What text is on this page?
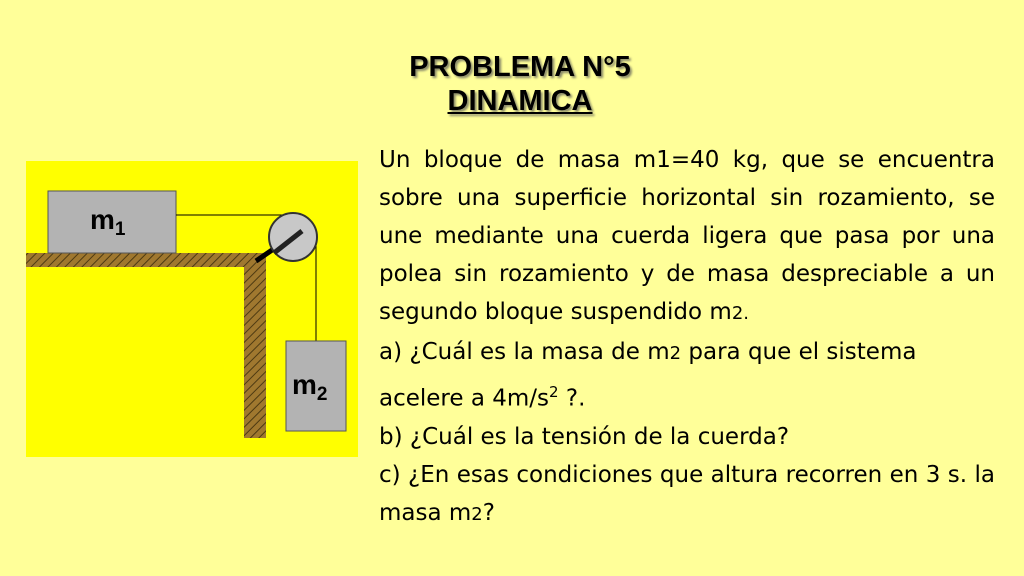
PROBLEMA N°5
DINAMICA
$m_1$
$m_2$

Un bloque de masa m1=40 kg, que se encuentra sobre una superficie horizontal sin rozamiento, se une mediante una cuerda ligera que pasa por una polea sin rozamiento y de masa despreciable a un segundo bloque suspendido m2.

a) ¿Cuál es la masa de m2 para que el sistema acelere a $4m/s^2$ ?.

b) ¿Cuál es la tensión de la cuerda?

c) ¿En esas condiciones que altura recorren en 3 s. la masa m2?
